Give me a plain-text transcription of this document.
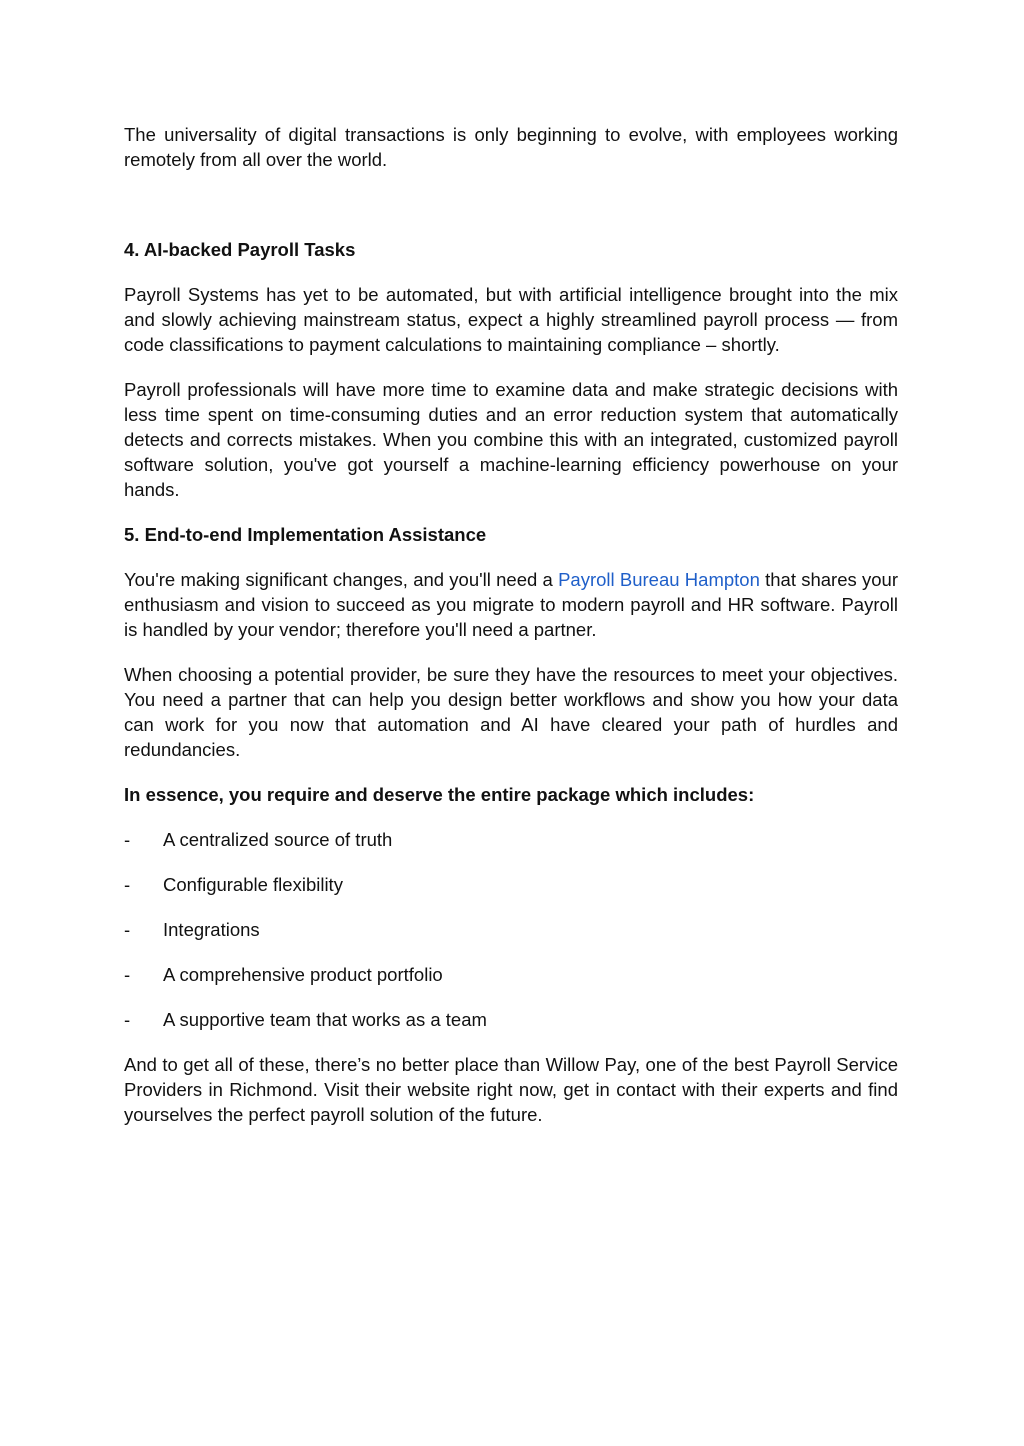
The universality of digital transactions is only beginning to evolve, with employees working remotely from all over the world.

4. AI-backed Payroll Tasks

Payroll Systems has yet to be automated, but with artificial intelligence brought into the mix and slowly achieving mainstream status, expect a highly streamlined payroll process — from code classifications to payment calculations to maintaining compliance – shortly.

Payroll professionals will have more time to examine data and make strategic decisions with less time spent on time-consuming duties and an error reduction system that automatically detects and corrects mistakes. When you combine this with an integrated, customized payroll software solution, you've got yourself a machine-learning efficiency powerhouse on your hands.

5. End-to-end Implementation Assistance

You're making significant changes, and you'll need a Payroll Bureau Hampton that shares your enthusiasm and vision to succeed as you migrate to modern payroll and HR software. Payroll is handled by your vendor; therefore you'll need a partner.

When choosing a potential provider, be sure they have the resources to meet your objectives. You need a partner that can help you design better workflows and show you how your data can work for you now that automation and AI have cleared your path of hurdles and redundancies.

In essence, you require and deserve the entire package which includes:

-	A centralized source of truth
-	Configurable flexibility
-	Integrations
-	A comprehensive product portfolio
-	A supportive team that works as a team

And to get all of these, there’s no better place than Willow Pay, one of the best Payroll Service Providers in Richmond. Visit their website right now, get in contact with their experts and find yourselves the perfect payroll solution of the future.
